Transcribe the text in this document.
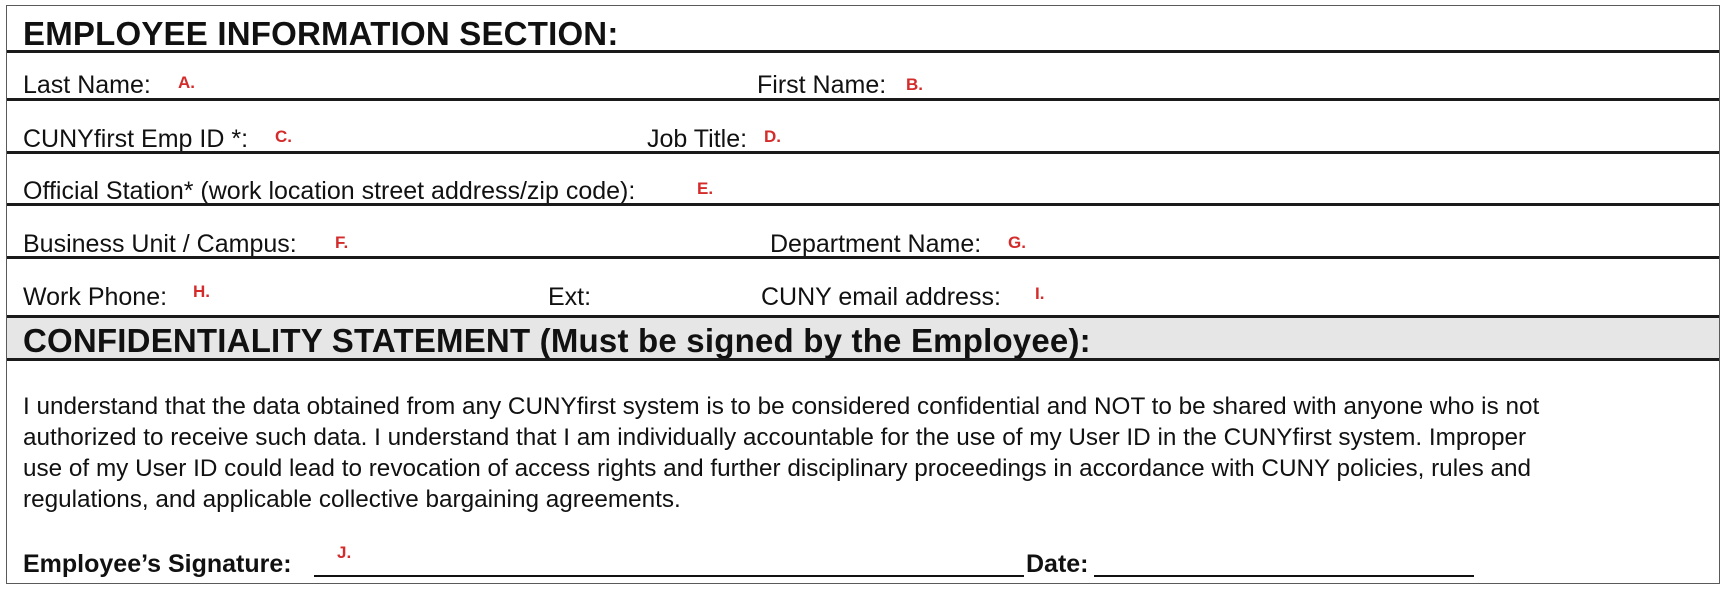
EMPLOYEE INFORMATION SECTION:
Last Name: A.	First Name: B.
CUNYfirst Emp ID *: C.	Job Title: D.
Official Station* (work location street address/zip code):	E.
Business Unit / Campus: F.	Department Name: G.
Work Phone: H.	Ext:	CUNY email address: I.
CONFIDENTIALITY STATEMENT (Must be signed by the Employee):
I understand that the data obtained from any CUNYfirst system is to be considered confidential and NOT to be shared with anyone who is not
authorized to receive such data. I understand that I am individually accountable for the use of my User ID in the CUNYfirst system. Improper
use of my User ID could lead to revocation of access rights and further disciplinary proceedings in accordance with CUNY policies, rules and
regulations, and applicable collective bargaining agreements.
Employee’s Signature:	J.	Date:
